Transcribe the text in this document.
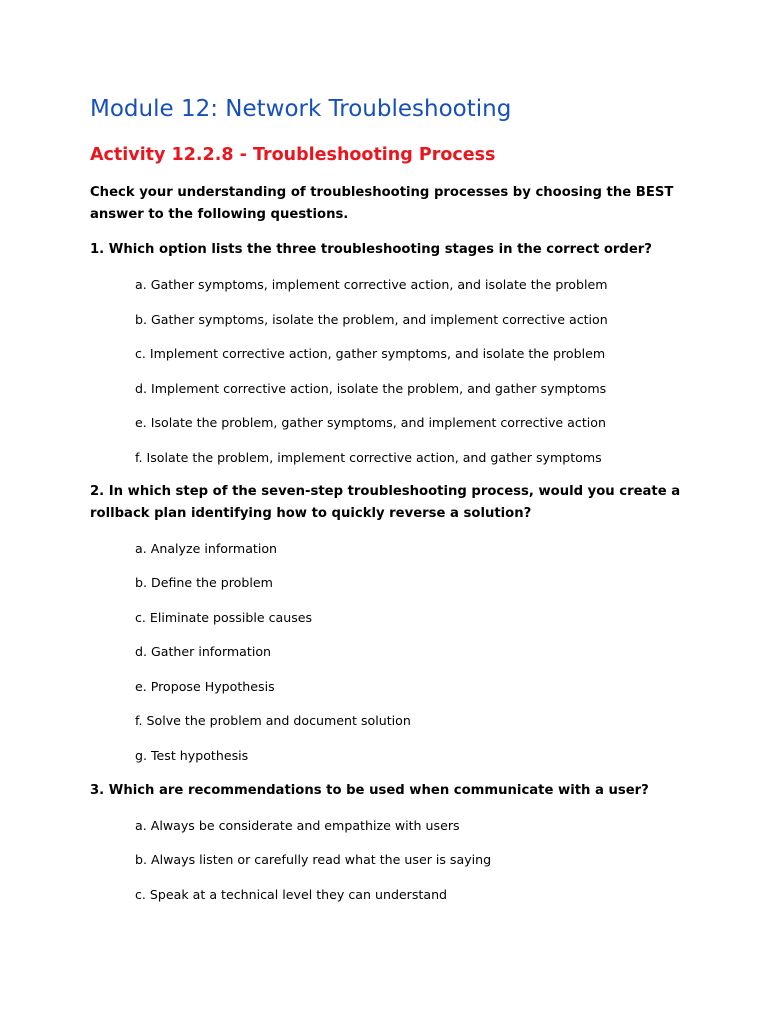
Module 12: Network Troubleshooting
Activity 12.2.8 - Troubleshooting Process

Check your understanding of troubleshooting processes by choosing the BEST answer to the following questions.

1. Which option lists the three troubleshooting stages in the correct order?

a. Gather symptoms, implement corrective action, and isolate the problem

b. Gather symptoms, isolate the problem, and implement corrective action

c. Implement corrective action, gather symptoms, and isolate the problem

d. Implement corrective action, isolate the problem, and gather symptoms

e. Isolate the problem, gather symptoms, and implement corrective action

f. Isolate the problem, implement corrective action, and gather symptoms

2. In which step of the seven-step troubleshooting process, would you create a rollback plan identifying how to quickly reverse a solution?

a. Analyze information

b. Define the problem

c. Eliminate possible causes

d. Gather information

e. Propose Hypothesis

f. Solve the problem and document solution

g. Test hypothesis

3. Which are recommendations to be used when communicate with a user?

a. Always be considerate and empathize with users

b. Always listen or carefully read what the user is saying

c. Speak at a technical level they can understand
